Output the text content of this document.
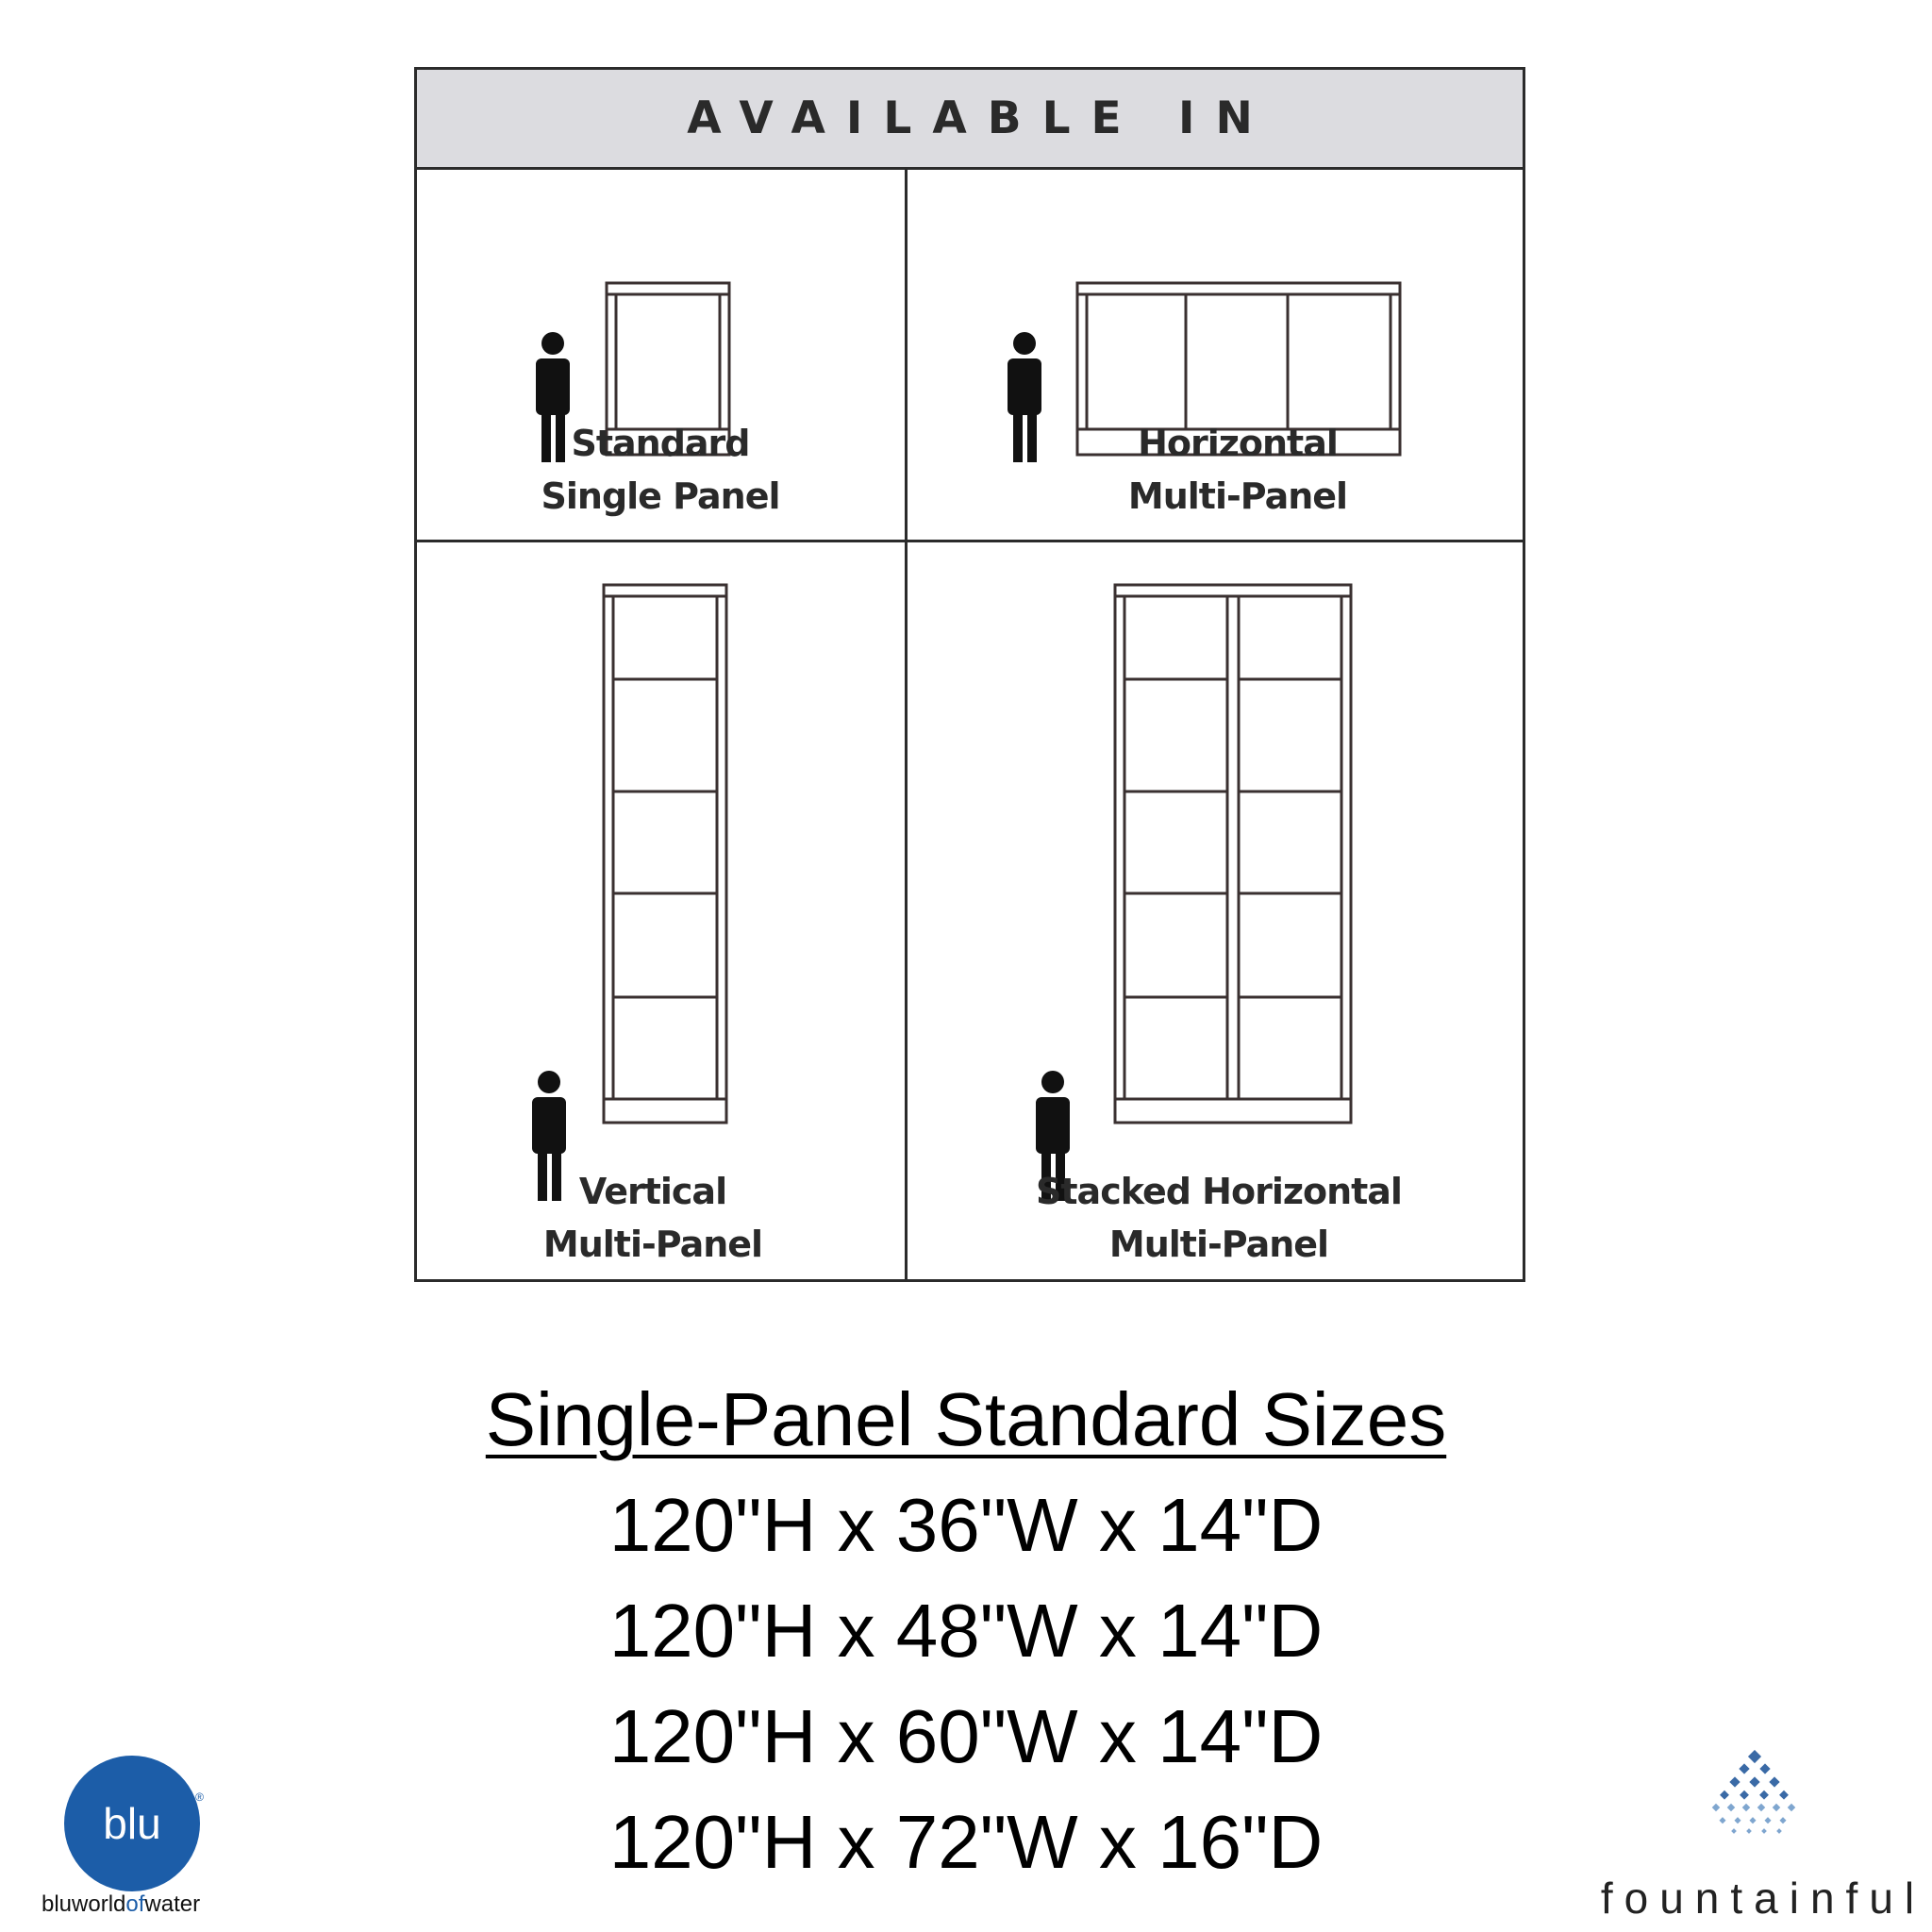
AVAILABLE IN
Standard
Single Panel
Horizontal
Multi-Panel
Vertical
Multi-Panel
Stacked Horizontal
Multi-Panel
Single-Panel Standard Sizes
120"H x 36"W x 14"D
120"H x 48"W x 14"D
120"H x 60"W x 14"D
120"H x 72"W x 16"D
blu
®
bluworldofwater	fountainful
